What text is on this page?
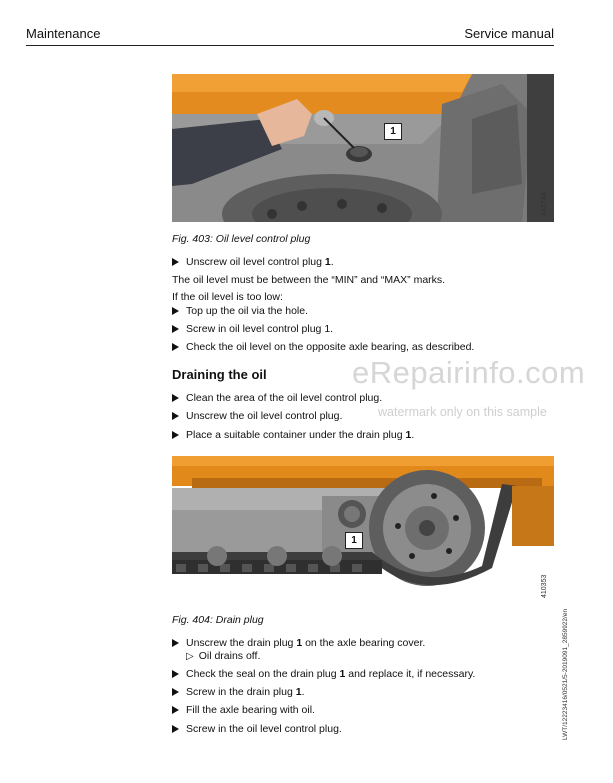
Maintenance	Service manual
1
412748
Fig. 403: Oil level control plug
Unscrew oil level control plug 1.
The oil level must be between the “MIN” and “MAX” marks.
If the oil level is too low:
Top up the oil via the hole.
Screw in oil level control plug 1.
Check the oil level on the opposite axle bearing, as described.
Draining the oil	eRepairinfo.com
watermark only on this sample
Clean the area of the oil level control plug.
Unscrew the oil level control plug.
Place a suitable container under the drain plug 1.
1
410353
Fig. 404: Drain plug
Unscrew the drain plug 1 on the axle bearing cover.
▷ Oil drains off.
Check the seal on the drain plug 1 and replace it, if necessary.
Screw in the drain plug 1.
Fill the axle bearing with oil.
Screw in the oil level control plug.	LWT/12223416/0521/5-2019091_2859922/en
